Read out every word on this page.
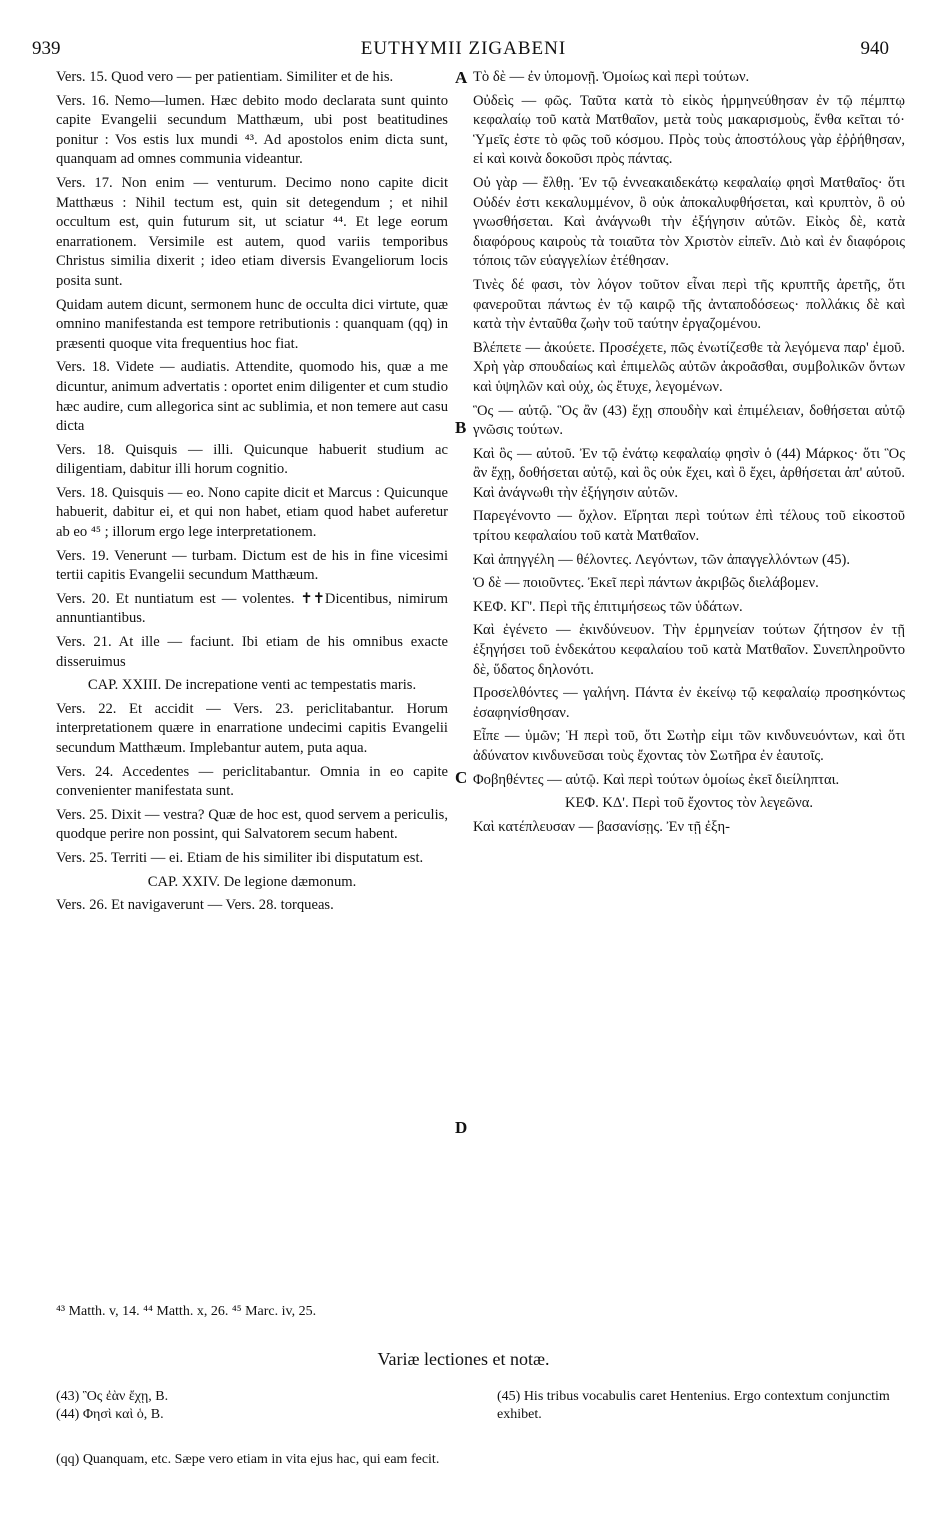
939	EUTHYMII ZIGABENI	940

Vers. 15. Quod vero — per patientiam. Similiter et de his.

Vers. 16. Nemo—lumen. Hæc debito modo declarata sunt quinto capite Evangelii secundum Matthæum, ubi post beatitudines ponitur : Vos estis lux mundi ⁴³. Ad apostolos enim dicta sunt, quanquam ad omnes communia videantur.

Vers. 17. Non enim — venturum. Decimo nono capite dicit Matthæus : Nihil tectum est, quin sit detegendum ; et nihil occultum est, quin futurum sit, ut sciatur ⁴⁴. Et lege eorum enarrationem. Versimile est autem, quod variis temporibus Christus similia dixerit ; ideo etiam diversis Evangeliorum locis posita sunt.

Quidam autem dicunt, sermonem hunc de occulta dici virtute, quæ omnino manifestanda est tempore retributionis : quanquam (qq) in præsenti quoque vita frequentius hoc fiat.

Vers. 18. Videte — audiatis. Attendite, quomodo his, quæ a me dicuntur, animum advertatis : oportet enim diligenter et cum studio hæc audire, cum allegorica sint ac sublimia, et non temere aut casu dicta

Vers. 18. Quisquis — illi. Quicunque habuerit studium ac diligentiam, dabitur illi horum cognitio.

Vers. 18. Quisquis — eo. Nono capite dicit et Marcus : Quicunque habuerit, dabitur ei, et qui non habet, etiam quod habet auferetur ab eo ⁴⁵ ; illorum ergo lege interpretationem.

Vers. 19. Venerunt — turbam. Dictum est de his in fine vicesimi tertii capitis Evangelii secundum Matthæum.

Vers. 20. Et nuntiatum est — volentes. ✝✝Dicentibus, nimirum annuntiantibus.

Vers. 21. At ille — faciunt. Ibi etiam de his omnibus exacte disseruimus

CAP. XXIII. De increpatione venti ac tempestatis maris.

Vers. 22. Et accidit — Vers. 23. periclitabantur. Horum interpretationem quære in enarratione undecimi capitis Evangelii secundum Matthæum. Implebantur autem, puta aqua.

Vers. 24. Accedentes — periclitabantur. Omnia in eo capite convenienter manifestata sunt.

Vers. 25. Dixit — vestra? Quæ de hoc est, quod servem a periculis, quodque perire non possint, qui Salvatorem secum habent.

Vers. 25. Territi — ei. Etiam de his similiter ibi disputatum est.

CAP. XXIV. De legione dæmonum.

Vers. 26. Et navigaverunt — Vers. 28. torqueas.

A
B
C
D

Τὸ δὲ — ἐν ὑπομονῇ. Ὁμοίως καὶ περὶ τούτων.

Οὐδεὶς — φῶς. Ταῦτα κατὰ τὸ εἰκὸς ἡρμηνεύθησαν ἐν τῷ πέμπτῳ κεφαλαίῳ τοῦ κατὰ Ματθαῖον, μετὰ τοὺς μακαρισμοὺς, ἔνθα κεῖται τό· Ὑμεῖς ἐστε τὸ φῶς τοῦ κόσμου. Πρὸς τοὺς ἀποστόλους γὰρ ἐῤῥήθησαν, εἰ καὶ κοινὰ δοκοῦσι πρὸς πάντας.

Οὐ γὰρ — ἔλθῃ. Ἐν τῷ ἐννεακαιδεκάτῳ κεφαλαίῳ φησὶ Ματθαῖος· ὅτι Οὐδέν ἐστι κεκαλυμμένον, ὃ οὐκ ἀποκαλυφθήσεται, καὶ κρυπτὸν, ὃ οὐ γνωσθήσεται. Καὶ ἀνάγνωθι τὴν ἐξήγησιν αὐτῶν. Εἰκὸς δὲ, κατὰ διαφόρους καιροὺς τὰ τοιαῦτα τὸν Χριστὸν εἰπεῖν. Διὸ καὶ ἐν διαφόροις τόποις τῶν εὐαγγελίων ἐτέθησαν.

Τινὲς δέ φασι, τὸν λόγον τοῦτον εἶναι περὶ τῆς κρυπτῆς ἀρετῆς, ὅτι φανεροῦται πάντως ἐν τῷ καιρῷ τῆς ἀνταποδόσεως· πολλάκις δὲ καὶ κατὰ τὴν ἐνταῦθα ζωὴν τοῦ ταύτην ἐργαζομένου.

Βλέπετε — ἀκούετε. Προσέχετε, πῶς ἐνωτίζεσθε τὰ λεγόμενα παρ' ἐμοῦ. Χρὴ γὰρ σπουδαίως καὶ ἐπιμελῶς αὐτῶν ἀκροᾶσθαι, συμβολικῶν ὄντων καὶ ὑψηλῶν καὶ οὐχ, ὡς ἔτυχε, λεγομένων.

Ὃς — αὐτῷ. Ὃς ἂν (43) ἔχῃ σπουδὴν καὶ ἐπιμέλειαν, δοθήσεται αὐτῷ γνῶσις τούτων.

Καὶ ὃς — αὐτοῦ. Ἐν τῷ ἐνάτῳ κεφαλαίῳ φησὶν ὁ (44) Μάρκος· ὅτι Ὃς ἂν ἔχῃ, δοθήσεται αὐτῷ, καὶ ὃς οὐκ ἔχει, καὶ ὃ ἔχει, ἀρθήσεται ἀπ' αὐτοῦ. Καὶ ἀνάγνωθι τὴν ἐξήγησιν αὐτῶν.

Παρεγένοντο — ὄχλον. Εἴρηται περὶ τούτων ἐπὶ τέλους τοῦ εἰκοστοῦ τρίτου κεφαλαίου τοῦ κατὰ Ματθαῖον.

Καὶ ἀπηγγέλη — θέλοντες. Λεγόντων, τῶν ἀπαγγελλόντων (45).

Ὁ δὲ — ποιοῦντες. Ἐκεῖ περὶ πάντων ἀκριβῶς διελάβομεν.

ΚΕΦ. ΚΓ'. Περὶ τῆς ἐπιτιμήσεως τῶν ὑδάτων.

Καὶ ἐγένετο — ἐκινδύνευον. Τὴν ἑρμηνείαν τούτων ζήτησον ἐν τῇ ἐξηγήσει τοῦ ἑνδεκάτου κεφαλαίου τοῦ κατὰ Ματθαῖον. Συνεπληροῦντο δὲ, ὕδατος δηλονότι.

Προσελθόντες — γαλήνη. Πάντα ἐν ἐκείνῳ τῷ κεφαλαίῳ προσηκόντως ἐσαφηνίσθησαν.

Εἶπε — ὑμῶν; Ἡ περὶ τοῦ, ὅτι Σωτὴρ εἰμι τῶν κινδυνευόντων, καὶ ὅτι ἀδύνατον κινδυνεῦσαι τοὺς ἔχοντας τὸν Σωτῆρα ἐν ἑαυτοῖς.

Φοβηθέντες — αὐτῷ. Καὶ περὶ τούτων ὁμοίως ἐκεῖ διείληπται.

ΚΕΦ. ΚΔ'. Περὶ τοῦ ἔχοντος τὸν λεγεῶνα.

Καὶ κατέπλευσαν — βασανίσῃς. Ἐν τῇ ἐξη-

⁴³ Matth. v, 14. ⁴⁴ Matth. x, 26. ⁴⁵ Marc. iv, 25.
Variæ lectiones et notæ.
(43) Ὃς ἐὰν ἔχῃ, B.
(44) Φησὶ καὶ ὁ, B.
(45) His tribus vocabulis caret Hentenius. Ergo contextum conjunctim exhibet.
(qq) Quanquam, etc. Sæpe vero etiam in vita ejus hac, qui eam fecit.
